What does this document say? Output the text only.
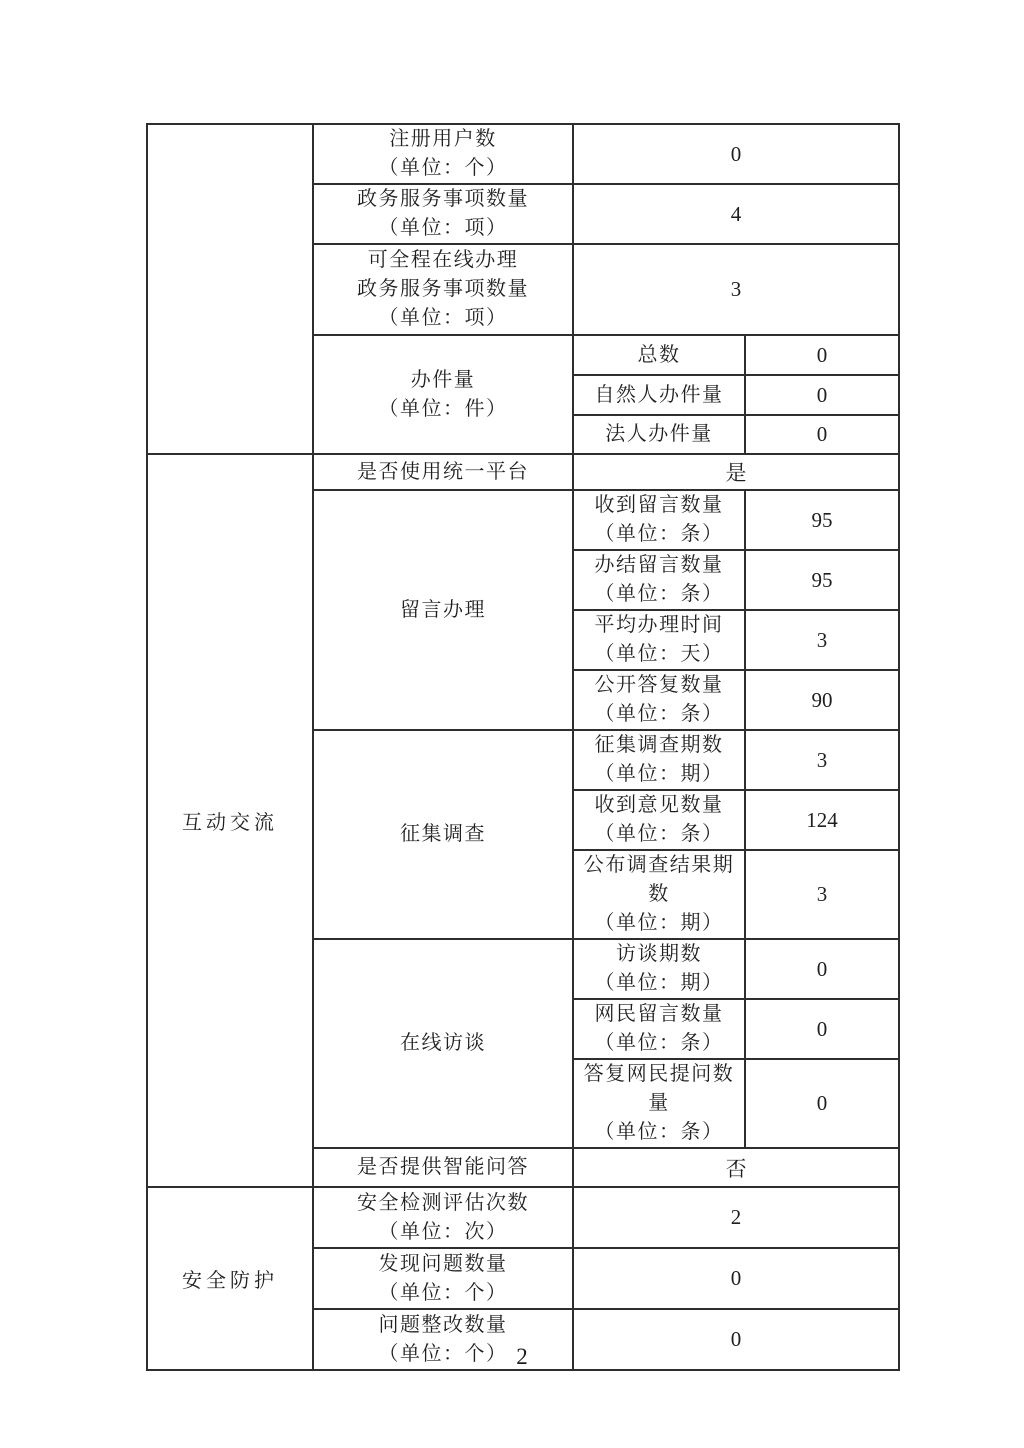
	注册用户数
（单位：个）	0	

	政务服务事项数量
（单位：项）	4	

	可全程在线办理
政务服务事项数量
（单位：项）	3	

	办件量
（单位：件）	总数	0

		自然人办件量	0

		法人办件量	0

互动交流	是否使用统一平台	是	

	留言办理	收到留言数量
（单位：条）	95

		办结留言数量
（单位：条）	95

		平均办理时间
（单位：天）	3

		公开答复数量
（单位：条）	90

	征集调查	征集调查期数
（单位：期）	3

		收到意见数量
（单位：条）	124

		公布调查结果期数
（单位：期）	3

	在线访谈	访谈期数
（单位：期）	0

		网民留言数量
（单位：条）	0

		答复网民提问数量
（单位：条）	0

	是否提供智能问答	否	

安全防护	安全检测评估次数
（单位：次）	2	

	发现问题数量
（单位：个）	0	

	问题整改数量
（单位：个）	0	
2
